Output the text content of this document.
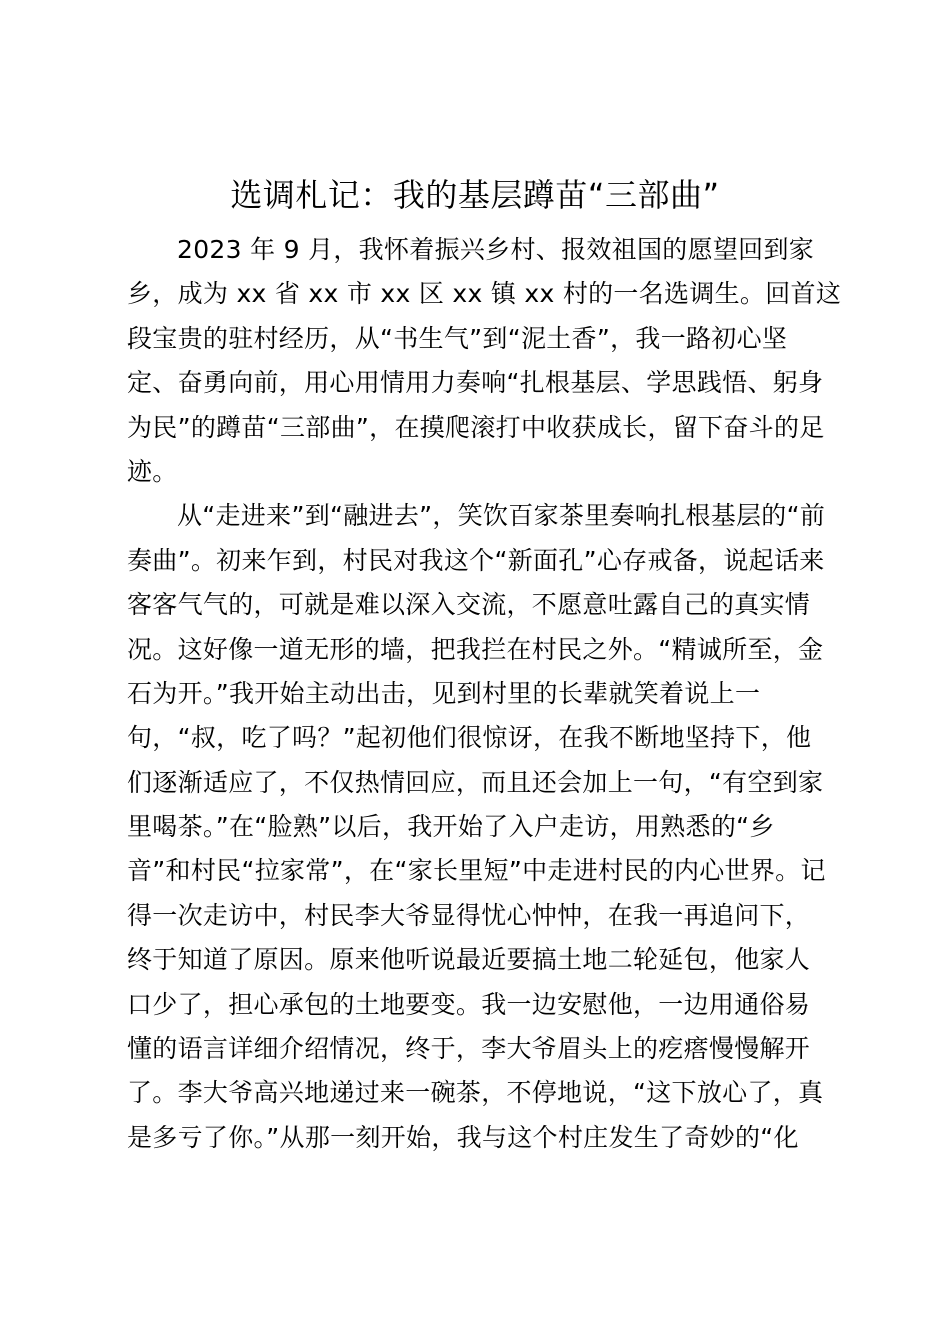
选调札记：我的基层蹲苗“三部曲”
2023 年 9 月，我怀着振兴乡村、报效祖国的愿望回到家
乡，成为 xx 省 xx 市 xx 区 xx 镇 xx 村的一名选调生。回首这
段宝贵的驻村经历，从“书生气”到“泥土香”，我一路初心坚
定、奋勇向前，用心用情用力奏响“扎根基层、学思践悟、躬身
为民”的蹲苗“三部曲”，在摸爬滚打中收获成长，留下奋斗的足
迹。
从“走进来”到“融进去”，笑饮百家茶里奏响扎根基层的“前
奏曲”。初来乍到，村民对我这个“新面孔”心存戒备，说起话来
客客气气的，可就是难以深入交流，不愿意吐露自己的真实情
况。这好像一道无形的墙，把我拦在村民之外。“精诚所至，金
石为开。”我开始主动出击，见到村里的长辈就笑着说上一
句，“叔，吃了吗？”起初他们很惊讶，在我不断地坚持下，他
们逐渐适应了，不仅热情回应，而且还会加上一句，“有空到家
里喝茶。”在“脸熟”以后，我开始了入户走访，用熟悉的“乡
音”和村民“拉家常”，在“家长里短”中走进村民的内心世界。记
得一次走访中，村民李大爷显得忧心忡忡，在我一再追问下，
终于知道了原因。原来他听说最近要搞土地二轮延包，他家人
口少了，担心承包的土地要变。我一边安慰他，一边用通俗易
懂的语言详细介绍情况，终于，李大爷眉头上的疙瘩慢慢解开
了。李大爷高兴地递过来一碗茶，不停地说，“这下放心了，真
是多亏了你。”从那一刻开始，我与这个村庄发生了奇妙的“化
